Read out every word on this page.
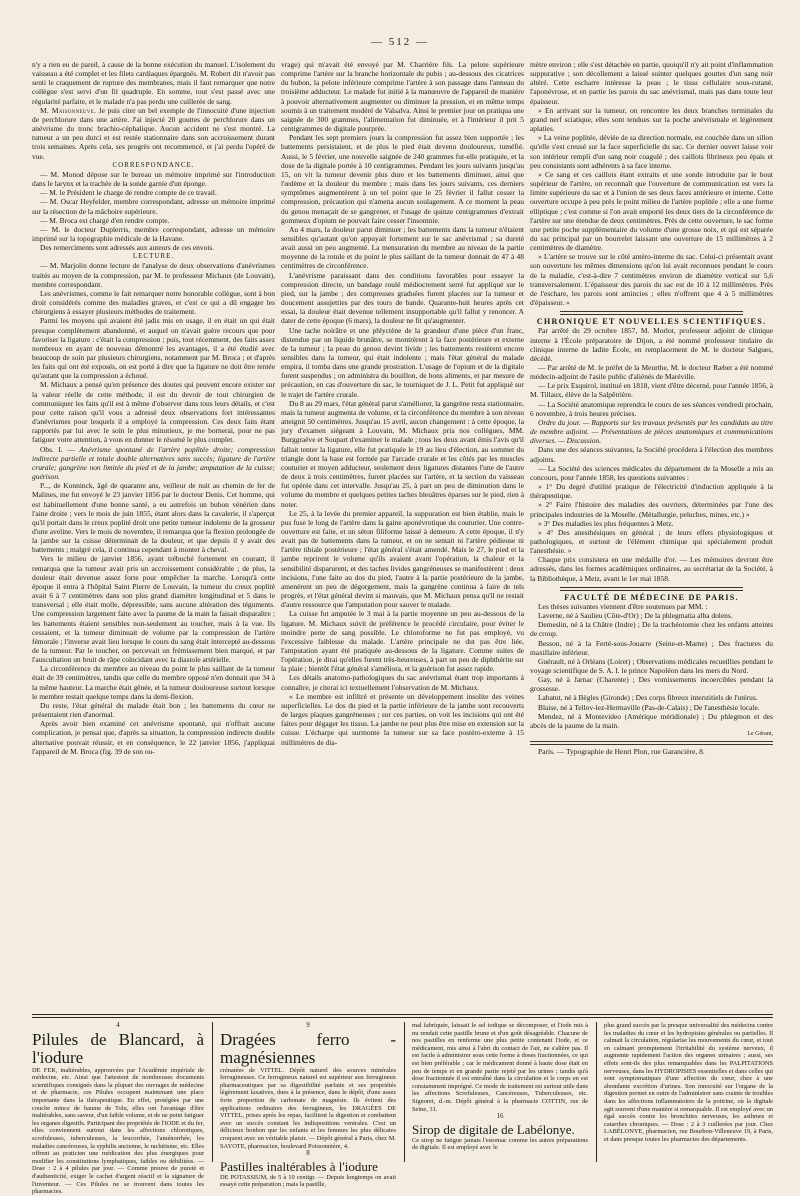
— 512 —

n'y a rien eu de pareil, à cause de la bonne exécution du manuel. L'isolement du vaisseau a été complet et les filets cardiaques épargnés. M. Robert dit n'avoir pas senti le craquement de rupture des membranes, mais il faut remarquer que notre collègue s'est servi d'un fil quadruple. En somme, tout s'est passé avec une régularité parfaite, et le malade n'a pas perdu une cuillerée de sang.

M. Maisonneuve. Je puis citer un bel exemple de l'innocuité d'une injection de perchlorure dans une artère. J'ai injecté 20 gouttes de perchlorure dans un anévrisme du tronc brachio-céphalique. Aucun accident ne s'est montré. La tumeur a un peu durci et est restée stationnaire dans son accroissement durant trois semaines. Après cela, ses progrès ont recommencé, et j'ai perdu l'opéré de vue.

CORRESPONDANCE.

— M. Monod dépose sur le bureau un mémoire imprimé sur l'introduction dans le larynx et la trachée de la sonde garnie d'un éponge.

— M. le Président le charge de rendre compte de ce travail.

— M. Oscar Heyfelder, membre correspondant, adresse un mémoire imprimé sur la résection de la mâchoire supérieure.

— M. Broca est chargé d'en rendre compte.

— M. le docteur Duplerris, membre correspondant, adresse un mémoire imprimé sur la topographie médicale de la Havane.

Des remerciments sont adressés aux auteurs de ces envois.

LECTURE.

— M. Marjolin donne lecture de l'analyse de deux observations d'anévrismes traités au moyen de la compression, par M. le professeur Michaux (de Louvain), membre correspondant.

Les anévrismes, comme le fait remarquer notre honorable collègue, sont à bon droit considérés comme des maladies graves, et c'est ce qui a dû engager les chirurgiens à essayer plusieurs méthodes de traitement.

Parmi les moyens qui avaient été jadis mis en usage, il en était un qui était presque complètement abandonné, et auquel on n'avait guère recours que pour favoriser la ligature : c'était la compression ; puis, tout récemment, des faits assez nombreux en ayant de nouveau démontré les avantages, il a été étudié avec beaucoup de soin par plusieurs chirurgiens, notamment par M. Broca ; et d'après les faits qui ont été exposés, on est porté à dire que la ligature ne doit être tentée qu'autant que la compression a échoué.

M. Michaux a pensé qu'en présence des doutes qui peuvent encore exister sur la valeur réelle de cette méthode, il est du devoir de tout chirurgien de communiquer les faits qu'il est à même d'observer dans tous leurs détails, et c'est pour cette raison qu'il vous a adressé deux observations fort intéressantes d'anévrismes pour lesquels il a employé la compression. Ces deux faits étant rapportés par lui avec le soin le plus minutieux, je me bornerai, pour ne pas fatiguer votre attention, à vous en donner le résumé le plus complet.

Obs. I. — Anévrisme spontané de l'artère poplitée droite; compression indirecte partielle et totale double alternatives sans succès; ligature de l'artère crurale; gangrène non limitée du pied et de la jambe; amputation de la cuisse; guérison.

P..., de Konninck, âgé de quarante ans, veilleur de nuit au chemin de fer de Malines, me fut envoyé le 23 janvier 1856 par le docteur Denis. Cet homme, qui est habituellement d'une bonne santé, a eu autrefois un bubon vénérien dans l'aine droite ; vers le mois de juin 1855, étant alors dans la cavalerie, il s'aperçut qu'il portait dans le creux poplité droit une petite tumeur indolente de la grosseur d'une aveline. Vers le mois de novembre, il remarqua que la flexion prolongée de la jambe sur la cuisse déterminait de la douleur, et que depuis il y avait des battements ; malgré cela, il continua cependant à monter à cheval.

Vers le milieu de janvier 1856, ayant trébuché fortement en courant, il remarqua que la tumeur avait pris un accroissement considérable ; de plus, la douleur était devenue assez forte pour empêcher la marche. Lorsqu'à cette époque il entra à l'hôpital Saint Pierre de Louvain, la tumeur du creux poplité avait 6 à 7 centimètres dans son plus grand diamètre longitudinal et 5 dans le transversal ; elle était molle, dépressible, sans aucune altération des téguments. Une compression largement faite avec la paume de la main la faisait disparaître ; les battements étaient sensibles non-seulement au toucher, mais à la vue. Ils cessaient, et la tumeur diminuait de volume par la compression de l'artère fémorale ; l'inverse avait lieu lorsque le cours du sang était intercepté au-dessous de la tumeur. Par le toucher, on percevait un frémissement bien marqué, et par l'auscultation un bruit de râpe coïncidant avec la diastole artérielle.

La circonférence du membre au niveau du point le plus saillant de la tumeur était de 39 centimètres, tandis que celle du membre opposé n'en donnait que 34 à la même hauteur. La marche était gênée, et la tumeur douloureuse surtout lorsque le membre restait quelque temps dans la demi-flexion.

Du reste, l'état général du malade était bon ; les battements du cœur ne présentaient rien d'anormal.

Après avoir bien examiné cet anévrisme spontané, qui n'offrait aucune complication, je pensai que, d'après sa situation, la compression indirecte double alternative pouvait réussir, et en conséquence, le 22 janvier 1856, j'appliquai l'appareil de M. Broca (fig. 39 de son ou-

vrage) qui m'avait été envoyé par M. Charrière fils. La pelote supérieure comprime l'artère sur la branche horizontale du pubis ; au-dessous des cicatrices du bubon, la pelote inférieure comprime l'artère à son passage dans l'anneau du troisième adducteur. Le malade fut initié à la manœuvre de l'appareil de manière à pouvoir alternativement augmenter ou diminuer la pression, et en même temps soumis à un traitement modéré de Valsalva. Ainsi le premier jour on pratiqua une saignée de 300 grammes, l'alimentation fut diminuée, et à l'intérieur il prit 5 centigrammes de digitale pourprée.

Pendant les sept premiers jours la compression fut assez bien supportée ; les battements persistaient, et de plus le pied était devenu douloureux, tuméfié. Aussi, le 5 février, une nouvelle saignée de 240 grammes fut-elle pratiquée, et la dose de la digitale portée à 10 centigrammes. Pendant les jours suivants jusqu'au 15, on vit la tumeur devenir plus dure et les battements diminuer, ainsi que l'œdème et la douleur du membre ; mais dans les jours suivants, ces derniers symptômes augmentèrent à un tel point que le 25 février il fallut cesser la compression, précaution qui n'amena aucun soulagement. A ce moment la peau du genou menaçait de se gangrener, et l'usage de quinze centigrammes d'extrait gommeux d'opium ne pouvait faire cesser l'insomnie.

Au 4 mars, la douleur parut diminuer ; les battements dans la tumeur n'étaient sensibles qu'autant qu'on appuyait fortement sur le sac anévrismal ; sa dureté avait aussi un peu augmenté. La mensuration du membre au niveau de la partie moyenne de la rotule et du point le plus saillant de la tumeur donnait de 47 à 48 centimètres de circonférence.

L'anévrisme paraissant dans des conditions favorables pour essayer la compression directe, un bandage roulé médiocrement serré fut appliqué sur le pied, sur la jambe ; des compresses graduées furent placées sur la tumeur et doucement assujetties par des tours de bande. Quarante-huit heures après cet essai, la douleur était devenue tellement insupportable qu'il fallut y renoncer. A dater de cette époque (6 mars), la douleur ne fit qu'augmenter.

Une tache noirâtre et une phlyctène de la grandeur d'une pièce d'un franc, distendue par un liquide brunâtre, se montrèrent à la face postérieure et externe de la tumeur ; la peau du genou devint livide ; les battements restèrent encore sensibles dans la tumeur, qui était indolente ; mais l'état général du malade empira, il tomba dans une grande prostration. L'usage de l'opium et de la digitale furent suspendus ; on administra du bouillon, de bons aliments, et par mesure de précaution, en cas d'ouverture du sac, le tourniquet de J. L. Petit fut appliqué sur le trajet de l'artère crurale.

Du 8 au 29 mars, l'état général parut s'améliorer, la gangrène resta stationnaire, mais la tumeur augmenta de volume, et la circonférence du membre à son niveau atteignit 50 centimètres. Jusqu'au 15 avril, aucun changement : à cette époque, la jury d'examen siégeant à Louvain, M. Michaux pria nos collègues, MM. Burggraëve et Soupart d'examiner le malade ; tous les deux avant émis l'avis qu'il fallait tenter la ligature, elle fut pratiquée le 19 au lieu d'élection, au sommet du triangle dont la base est formée par l'arcade crurale et les côtés par les muscles couturier et moyen adducteur, seulement deux ligatures distantes l'une de l'autre de deux à trois centimètres, furent placées sur l'artère, et la section du vaisseau fut opérée dans cet intervalle. Jusqu'au 25, à part un peu de diminution dans le volume du membre et quelques petites taches bleuâtres éparses sur le pied, rien à noter.

Le 25, à la levée du premier appareil, la suppuration est bien établie, mais le pus fuse le long de l'artère dans la gaine aponévrotique du couturier. Une contre-ouverture est faite, et un séton filiforme laissé à demeure. A cette époque, il n'y avait pas de battements dans la tumeur, et on ne sentait ni l'artère pédieuse ni l'artère tibiale postérieure ; l'état général s'était amendé. Mais le 27, le pied et la jambe reprirent le volume qu'ils avaient avant l'opération, la chaleur et la sensibilité disparurent, et des taches livides gangréneuses se manifestèrent : deux incisions, l'une faite au dos du pied, l'autre à la partie postérieure de la jambe, amenèrent un peu de dégorgement, mais la gangrène continua à faire de tels progrès, et l'état général devint si mauvais, que M. Michaux pensa qu'il ne restait d'autre ressource que l'amputation pour sauver le malade.

La cuisse fut amputée le 3 mai à la partie moyenne un peu au-dessous de la ligature. M. Michaux suivit de préférence le procédé circulaire, pour éviter le moindre perte de sang possible. Le chloroforme ne fut pas employé, vu l'excessive faiblesse du malade. L'artère principale ne dut pas être liée, l'amputation ayant été pratiquée au-dessous de la ligature. Comme suites de l'opération, je dirai qu'elles furent très-heureuses, à part un peu de diphthérite sur la plaie ; bientôt l'état général s'améliora, et la guérison fut assez rapide.

Les détails anatomo-pathologiques du sac anévrismal étant trop importants à connaître, je citerai ici textuellement l'observation de M. Michaux.

« Le membre est infiltré et présente un développement insolite des veines superficielles. Le dos du pied et la partie inférieure de la jambe sont recouverts de larges plaques gangréneuses ; sur ces parties, on voit les incisions qui ont été faites pour dégager les tissus. La jambe ne peut plus être mise en extension sur la cuisse. L'écharpe qui surmonte la tumeur sur sa face postéro-externe à 15 millimètres de dia-

mètre environ ; elle s'est détachée en partie, quoiqu'il n'y ait point d'inflammation suppurative ; son décollement a laissé suinter quelques gouttes d'un sang noir altéré. Cette escharre intéresse la peau ; le tissu cellulaire sous-cutané, l'aponévrose, et en partie les parois du sac anévrismal, mais pas dans toute leur épaisseur.

» En arrivant sur la tumeur, on rencontre les deux branches terminales du grand nerf sciatique, elles sont tendues sur la poche anévrismale et légèrement aplaties.

» La veine poplitée, déviée de sa direction normale, est couchée dans un sillon qu'elle s'est creusé sur la face superficielle du sac. Ce dernier ouvert laisse voir son intérieur rempli d'un sang noir coagulé ; des caillots fibrineux peu épais et peu consistants sont adhérents à sa face interne.

» Ce sang et ces caillots étant extraits et une sonde introduite par le bout supérieur de l'artère, on reconnaît que l'ouverture de communication est vers la limite supérieure du sac et à l'union de ses deux faces antérieure et interne. Cette ouverture occupe à peu près le point milieu de l'artère poplitée ; elle a une forme elliptique ; c'est comme si l'on avait emporté les deux tiers de la circonférence de l'artère sur une étendue de deux centimètres. Près de cette ouverture, le sac forme une petite poche supplémentaire du volume d'une grosse noix, et qui est séparée du sac principal par un bourrelet laissant une ouverture de 15 millimètres à 2 centimètres de diamètre.

» L'artère se trouve sur le côté antéro-interne du sac. Celui-ci présentait avant son ouverture les mêmes dimensions qu'on lui avait reconnues pendant le cours de la maladie, c'est-à-dire 7 centimètres environ de diamètre vertical sur 5,6 transversalement. L'épaisseur des parois du sac est de 10 à 12 millimètres. Près de l'eschare, les parois sont amincies ; elles n'offrent que 4 à 5 millimètres d'épaisseur. »

CHRONIQUE ET NOUVELLES SCIENTIFIQUES.

Par arrêté du 29 octobre 1857, M. Morlot, professeur adjoint de clinique interne à l'École préparatoire de Dijon, a été nommé professeur titulaire de clinique interne de ladite École, en remplacement de M. le docteur Salgues, décédé.

— Par arrêté de M. le préfet de la Meurthe, M. le docteur Ræber a été nommé médecin-adjoint de l'asile public d'aliénés de Maréville.

— Le prix Esquirol, institué en 1818, vient d'être décerné, pour l'année 1856, à M. Tillaux, élève de la Salpêtrière.

— La Société anatomique reprendra le cours de ses séances vendredi prochain, 6 novembre, à trois heures précises.

Ordre du jour. — Rapports sur les travaux présentés par les candidats au titre de membre adjoint. — Présentations de pièces anatomiques et communications diverses. — Discussion.

Dans une des séances suivantes, la Société procédera à l'élection des membres adjoints.

— La Société des sciences médicales du département de la Moselle a mis au concours, pour l'année 1858, les questions suivantes :

» 1° Du degré d'utilité pratique de l'électricité d'induction appliquée à la thérapeutique.

» 2° Faire l'histoire des maladies des ouvriers, déterminées par l'une des principales industries de la Moselle. (Métallurgie, peluches, mines, etc.) »

» 3° Des maladies les plus fréquentes à Metz.

» 4° Des anesthésiques en général ; de leurs effets physiologiques et pathologiques, et surtout de l'élément chimique qui spécialement produit l'anesthésie. »

Chaque prix consistera en une médaille d'or. — Les mémoires devront être adressés, dans les formes académiques ordinaires, au secrétariat de la Société, à la Bibliothèque, à Metz, avant le 1er mai 1858.

FACULTÉ DE MÉDECINE DE PARIS.

Les thèses suivantes viennent d'être soutenues par MM. :

Laverne, né à Saulieu (Côte-d'Or) ; De la phlegmatia alba dolens.

Demeslin, né à la Châtre (Indre) ; De la trachéotomie chez les enfants atteints de croup.

Besson, né à la Ferté-sous-Jouarre (Seine-et-Marne) ; Des fractures du maxillaire inférieur.

Guérault, né à Orléans (Loiret) ; Observations médicales recueillies pendant le voyage scientifique de S. A. I. le prince Napoléon dans les mers du Nord.

Gay, né à Jarnac (Charente) ; Des vomissements incoercibles pendant la grossesse.

Labatut, né à Bègles (Gironde) ; Des corps fibreux interstitiels de l'utérus.

Blaise, né à Tellov-lez-Hermaville (Pas-de-Calais) ; De l'anesthésie locale.

Mendez, né à Montevideo (Amérique méridionale) ; Du phlegmon et des abcès de la paume de la main.

Le Gérant,

Paris. — Typographie de Henri Plon, rue Garancière, 8.

4
Pilules de Blancard, à l'iodure
DE FER, inaltérables, approuvées par l'Académie impériale de médecine, etc. Ainsi que l'attestent de nombreuses documents scientifiques consignés dans la plupart des ouvrages de médecine et de pharmacie, ces Pilules occupent maintenant une place importante dans la thérapeutique. En effet, protégées par une couche mince de baume de Tolu, elles ont l'avantage d'être inaltérables, sans saveur, d'un faible volume, et de ne point fatiguer les organes digestifs. Participant des propriétés de l'IODE et du fer, elles conviennent surtout dans les affections chlorotiques, scrofuleuses, tuberculeuses, la leucorrhée, l'aménorrhée, les maladies cancéreuses, la syphilis ancienne, le rachitisme, etc. Elles offrent au praticien une médication des plus énergiques pour modifier les constitutions lymphatiques, faibles ou débilitées. — Dose : 2 à 4 pilules par jour. — Comme preuve de pureté et d'authenticité, exiger le cachet d'argent réactif et la signature de l'inventeur. — Ces Pilules ne se trouvent dans toutes les pharmacies.
9
Dragées ferro - magnésiennes
crénatées de VITTEL. Dépôt naturel des sources minérales ferrugineuses. Ce ferrugineux naturel est supérieur aux ferrugineux pharmaceutiques par sa digestibilité parfaite et ses propriétés légèrement laxatives, dues à la présence, dans le dépôt, d'une assez forte proportion de carbonate de magnésie. Ils évitent des applications ordinaires des ferrugineux, les DRAGÉES DE VITTEL, prises après les repas, facilitent la digestion et combattent avec un succès constant les indispositions ventrales. C'est un délicieux bonbon que les enfants et les femmes les plus délicates croquent avec un véritable plaisir. — Dépôt général à Paris, chez M. SAYOTE, pharmacien, boulevard Poissonnière, 4.
8
Pastilles inaltérables à l'iodure
DE POTASSIUM, de 5 à 10 centigr. — Depuis longtemps on avait essayé cette préparation ; mais la pastille,
mal fabriquée, laissait le sel iodique se décomposer, et l'iode mis à nu rendait cette pastille brune et d'un goût désagréable. Chacune de nos pastilles en renferme une plus petite contenant l'iode, et ce médicament, mis ainsi à l'abri du contact de l'air, ne s'altère pas. Il est facile à administrer sous cette forme à doses fractionnées, ce qui est bien préférable ; car le médicament donné à haute dose était en peu de temps et en grande partie rejeté par les urines ; tandis qu'à dose fractionnée il est entraîné dans la circulation et le corps en est constamment imprégné. Ce mode de traitement est surtout utile dans les affections Scrofuleuses, Cancéreuses, Tuberculeuses, etc. Signoret, d.-m. Dépôt général à la pharmacie COTTIN, rue de Seine, 31.
16
Sirop de digitale de Labélonye.
Ce sirop ne fatigue jamais l'estomac comme les autres préparations de digitale. Il est employé avec le
plus grand succès par la presque universalité des médecins contre les maladies du cœur et les hydropisies générales ou partielles. Il calmait la circulation, régularise les mouvements du cœur, et tout en calmant promptement l'irritabilité du système nerveux, il augmente rapidement l'action des organes urinaires ; aussi, ses effets sont-ils des plus remarquables dans les PALPITATIONS nerveuses, dans les HYDROPISIES essentielles et dans celles qui sont symptomatiques d'une affection du cœur, chez à une abondante excrétion d'urines. Son innocuité sur l'organe de la digestion permet en outre de l'administrer sans crainte de troubles dans les affections inflammatoires de la poitrine, où la digitale agit souvent d'une manière si remarquable. Il est employé avec un égal succès contre les bronchites nerveuses, les asthmes et catarrhes chroniques. — Dose : 2 à 3 cuillerées par jour. Chez LABÉLONYE, pharmacien, rue Bourbon-Villeneuve 19, à Paris, et dans presque toutes les pharmacies des départements.
